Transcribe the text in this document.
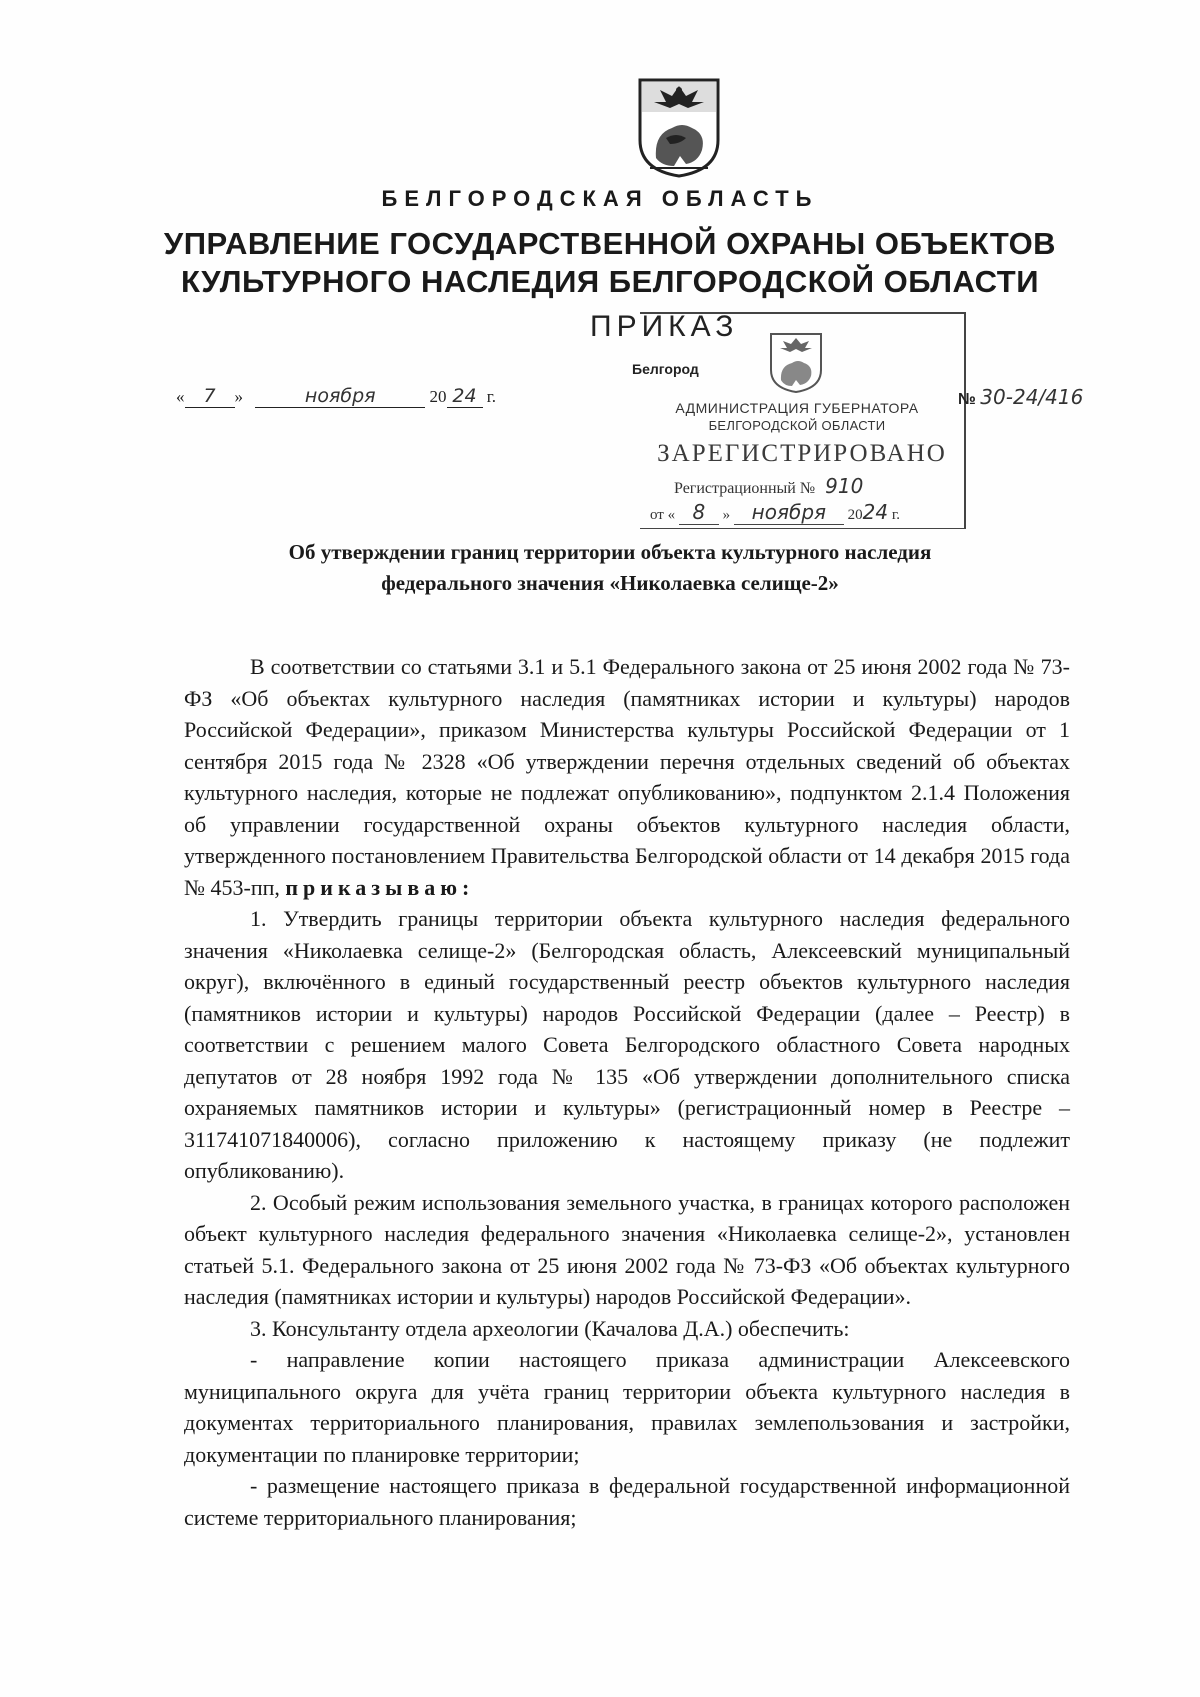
БЕЛГОРОДСКАЯ ОБЛАСТЬ
УПРАВЛЕНИЕ ГОСУДАРСТВЕННОЙ ОХРАНЫ ОБЪЕКТОВ
КУЛЬТУРНОГО НАСЛЕДИЯ БЕЛГОРОДСКОЙ ОБЛАСТИ
ПРИКАЗ
АДМИНИСТРАЦИЯ ГУБЕРНАТОРА
БЕЛГОРОДСКОЙ ОБЛАСТИ
ЗАРЕГИСТРИРОВАНО
Регистрационный № 910
от « 8 » ноября 2024 г.
Белгород
« 7 »	ноября	20 24 г.	№ 30-24/416
Об утверждении границ территории объекта культурного наследия
федерального значения «Николаевка селище-2»

В соответствии со статьями 3.1 и 5.1 Федерального закона от 25 июня 2002 года № 73-ФЗ «Об объектах культурного наследия (памятниках истории и культуры) народов Российской Федерации», приказом Министерства культуры Российской Федерации от 1 сентября 2015 года № 2328 «Об утверждении перечня отдельных сведений об объектах культурного наследия, которые не подлежат опубликованию», подпунктом 2.1.4 Положения об управлении государственной охраны объектов культурного наследия области, утвержденного постановлением Правительства Белгородской области от 14 декабря 2015 года № 453-пп, приказываю:

1. Утвердить границы территории объекта культурного наследия федерального значения «Николаевка селище-2» (Белгородская область, Алексеевский муниципальный округ), включённого в единый государственный реестр объектов культурного наследия (памятников истории и культуры) народов Российской Федерации (далее – Реестр) в соответствии с решением малого Совета Белгородского областного Совета народных депутатов от 28 ноября 1992 года № 135 «Об утверждении дополнительного списка охраняемых памятников истории и культуры» (регистрационный номер в Реестре – 311741071840006), согласно приложению к настоящему приказу (не подлежит опубликованию).

2. Особый режим использования земельного участка, в границах которого расположен объект культурного наследия федерального значения «Николаевка селище-2», установлен статьей 5.1. Федерального закона от 25 июня 2002 года № 73-ФЗ «Об объектах культурного наследия (памятниках истории и культуры) народов Российской Федерации».

3. Консультанту отдела археологии (Качалова Д.А.) обеспечить:

- направление копии настоящего приказа администрации Алексеевского муниципального округа для учёта границ территории объекта культурного наследия в документах территориального планирования, правилах землепользования и застройки, документации по планировке территории;

- размещение настоящего приказа в федеральной государственной информационной системе территориального планирования;
